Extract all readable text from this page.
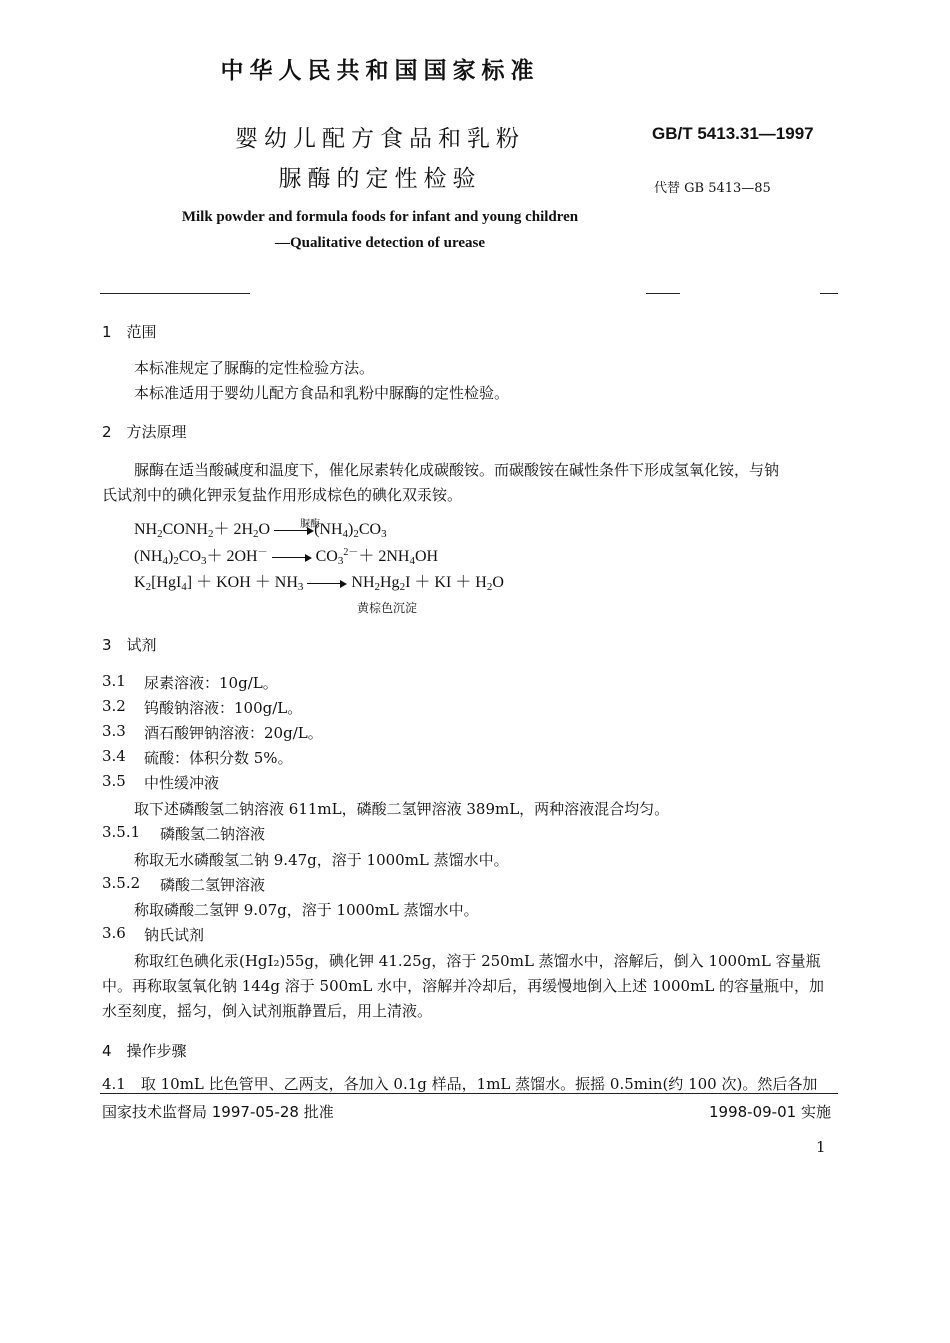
中华人民共和国国家标准
婴幼儿配方食品和乳粉
脲酶的定性检验
GB/T 5413.31—1997
代替 GB 5413—85
Milk powder and formula foods for infant and young children
—Qualitative detection of urease
1　范围
本标准规定了脲酶的定性检验方法。
本标准适用于婴幼儿配方食品和乳粉中脲酶的定性检验。
2　方法原理
脲酶在适当酸碱度和温度下，催化尿素转化成碳酸铵。而碳酸铵在碱性条件下形成氢氧化铵，与钠
氏试剂中的碘化钾汞复盐作用形成棕色的碘化双汞铵。
$NH_2CONH_2+ 2H_2O$	脲酶
$(NH_4)_2CO_3$
$(NH_4)_2CO_3+ 2OH^-$	$CO_3^{2-}+ 2NH_4OH$
$K_2[HgI_4]$ ＋ KOH ＋ $NH_3$	$NH_2Hg_2I$ ＋ KI ＋ $H_2O$
黄棕色沉淀
3　试剂
3.1 尿素溶液：10g/L。
3.2 钨酸钠溶液：100g/L。
3.3 酒石酸钾钠溶液：20g/L。
3.4 硫酸：体积分数 5%。
3.5 中性缓冲液
取下述磷酸氢二钠溶液 611mL，磷酸二氢钾溶液 389mL，两种溶液混合均匀。
3.5.1 磷酸氢二钠溶液
称取无水磷酸氢二钠 9.47g，溶于 1000mL 蒸馏水中。
3.5.2 磷酸二氢钾溶液
称取磷酸二氢钾 9.07g，溶于 1000mL 蒸馏水中。
3.6 钠氏试剂
称取红色碘化汞(HgI₂)55g，碘化钾 41.25g，溶于 250mL 蒸馏水中，溶解后，倒入 1000mL 容量瓶
中。再称取氢氧化钠 144g 溶于 500mL 水中，溶解并冷却后，再缓慢地倒入上述 1000mL 的容量瓶中，加
水至刻度，摇匀，倒入试剂瓶静置后，用上清液。
4　操作步骤
4.1　取 10mL 比色管甲、乙两支，各加入 0.1g 样品，1mL 蒸馏水。振摇 0.5min(约 100 次)。然后各加
国家技术监督局 1997-05-28 批准	1998-09-01 实施
1
